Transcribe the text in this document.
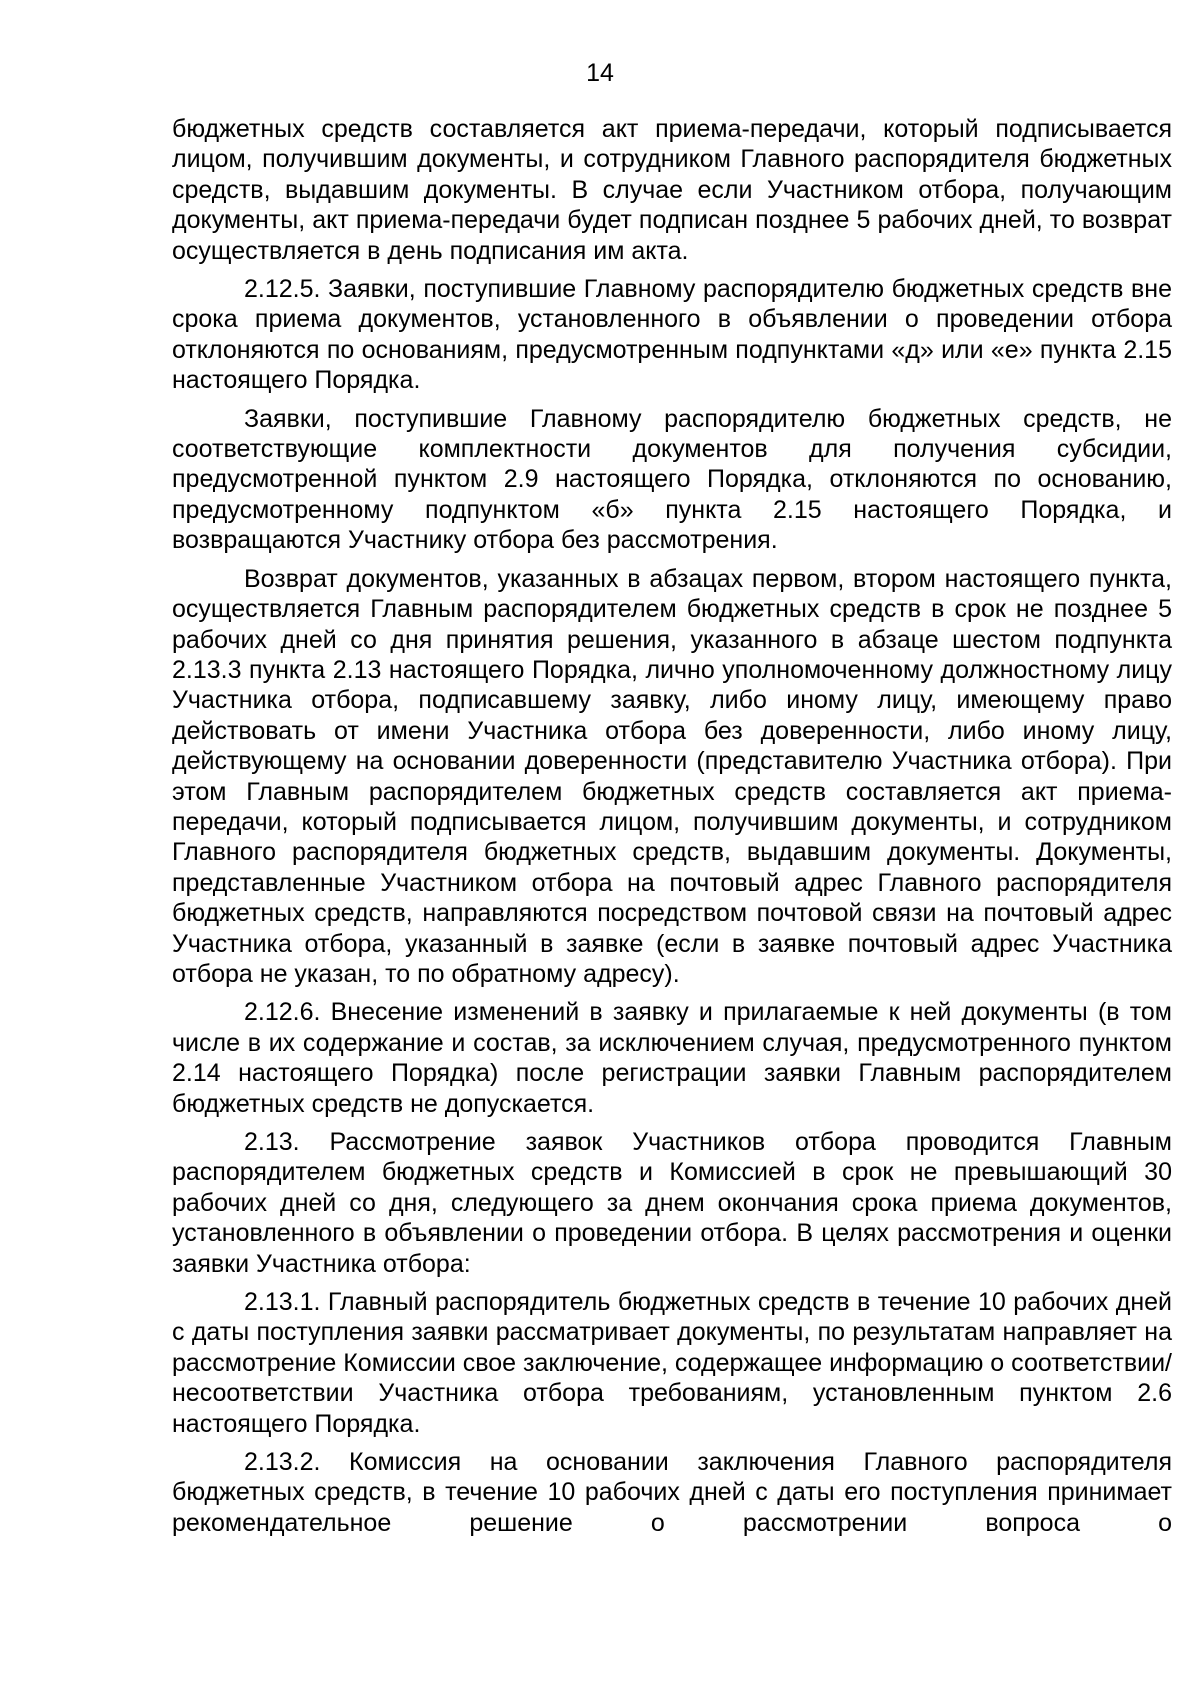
14

бюджетных средств составляется акт приема-передачи, который подписывается лицом, получившим документы, и сотрудником Главного распорядителя бюджетных средств, выдавшим документы. В случае если Участником отбора, получающим документы, акт приема-передачи будет подписан позднее 5 рабочих дней, то возврат осуществляется в день подписания им акта.

2.12.5. Заявки, поступившие Главному распорядителю бюджетных средств вне срока приема документов, установленного в объявлении о проведении отбора отклоняются по основаниям, предусмотренным подпунктами «д» или «е» пункта 2.15 настоящего Порядка.

Заявки, поступившие Главному распорядителю бюджетных средств, не соответствующие комплектности документов для получения субсидии, предусмотренной пунктом 2.9 настоящего Порядка, отклоняются по основанию, предусмотренному подпунктом «б» пункта 2.15 настоящего Порядка, и возвращаются Участнику отбора без рассмотрения.

Возврат документов, указанных в абзацах первом, втором настоящего пункта, осуществляется Главным распорядителем бюджетных средств в срок не позднее 5 рабочих дней со дня принятия решения, указанного в абзаце шестом подпункта 2.13.3 пункта 2.13 настоящего Порядка, лично уполномоченному должностному лицу Участника отбора, подписавшему заявку, либо иному лицу, имеющему право действовать от имени Участника отбора без доверенности, либо иному лицу, действующему на основании доверенности (представителю Участника отбора). При этом Главным распорядителем бюджетных средств составляется акт приема-передачи, который подписывается лицом, получившим документы, и сотрудником Главного распорядителя бюджетных средств, выдавшим документы. Документы, представленные Участником отбора на почтовый адрес Главного распорядителя бюджетных средств, направляются посредством почтовой связи на почтовый адрес Участника отбора, указанный в заявке (если в заявке почтовый адрес Участника отбора не указан, то по обратному адресу).

2.12.6. Внесение изменений в заявку и прилагаемые к ней документы (в том числе в их содержание и состав, за исключением случая, предусмотренного пунктом 2.14 настоящего Порядка) после регистрации заявки Главным распорядителем бюджетных средств не допускается.

2.13. Рассмотрение заявок Участников отбора проводится Главным распорядителем бюджетных средств и Комиссией в срок не превышающий 30 рабочих дней со дня, следующего за днем окончания срока приема документов, установленного в объявлении о проведении отбора. В целях рассмотрения и оценки заявки Участника отбора:

2.13.1. Главный распорядитель бюджетных средств в течение 10 рабочих дней с даты поступления заявки рассматривает документы, по результатам направляет на рассмотрение Комиссии свое заключение, содержащее информацию о соответствии/несоответствии Участника отбора требованиям, установленным пунктом 2.6 настоящего Порядка.

2.13.2. Комиссия на основании заключения Главного распорядителя бюджетных средств, в течение 10 рабочих дней с даты его поступления принимает рекомендательное решение о рассмотрении вопроса о
